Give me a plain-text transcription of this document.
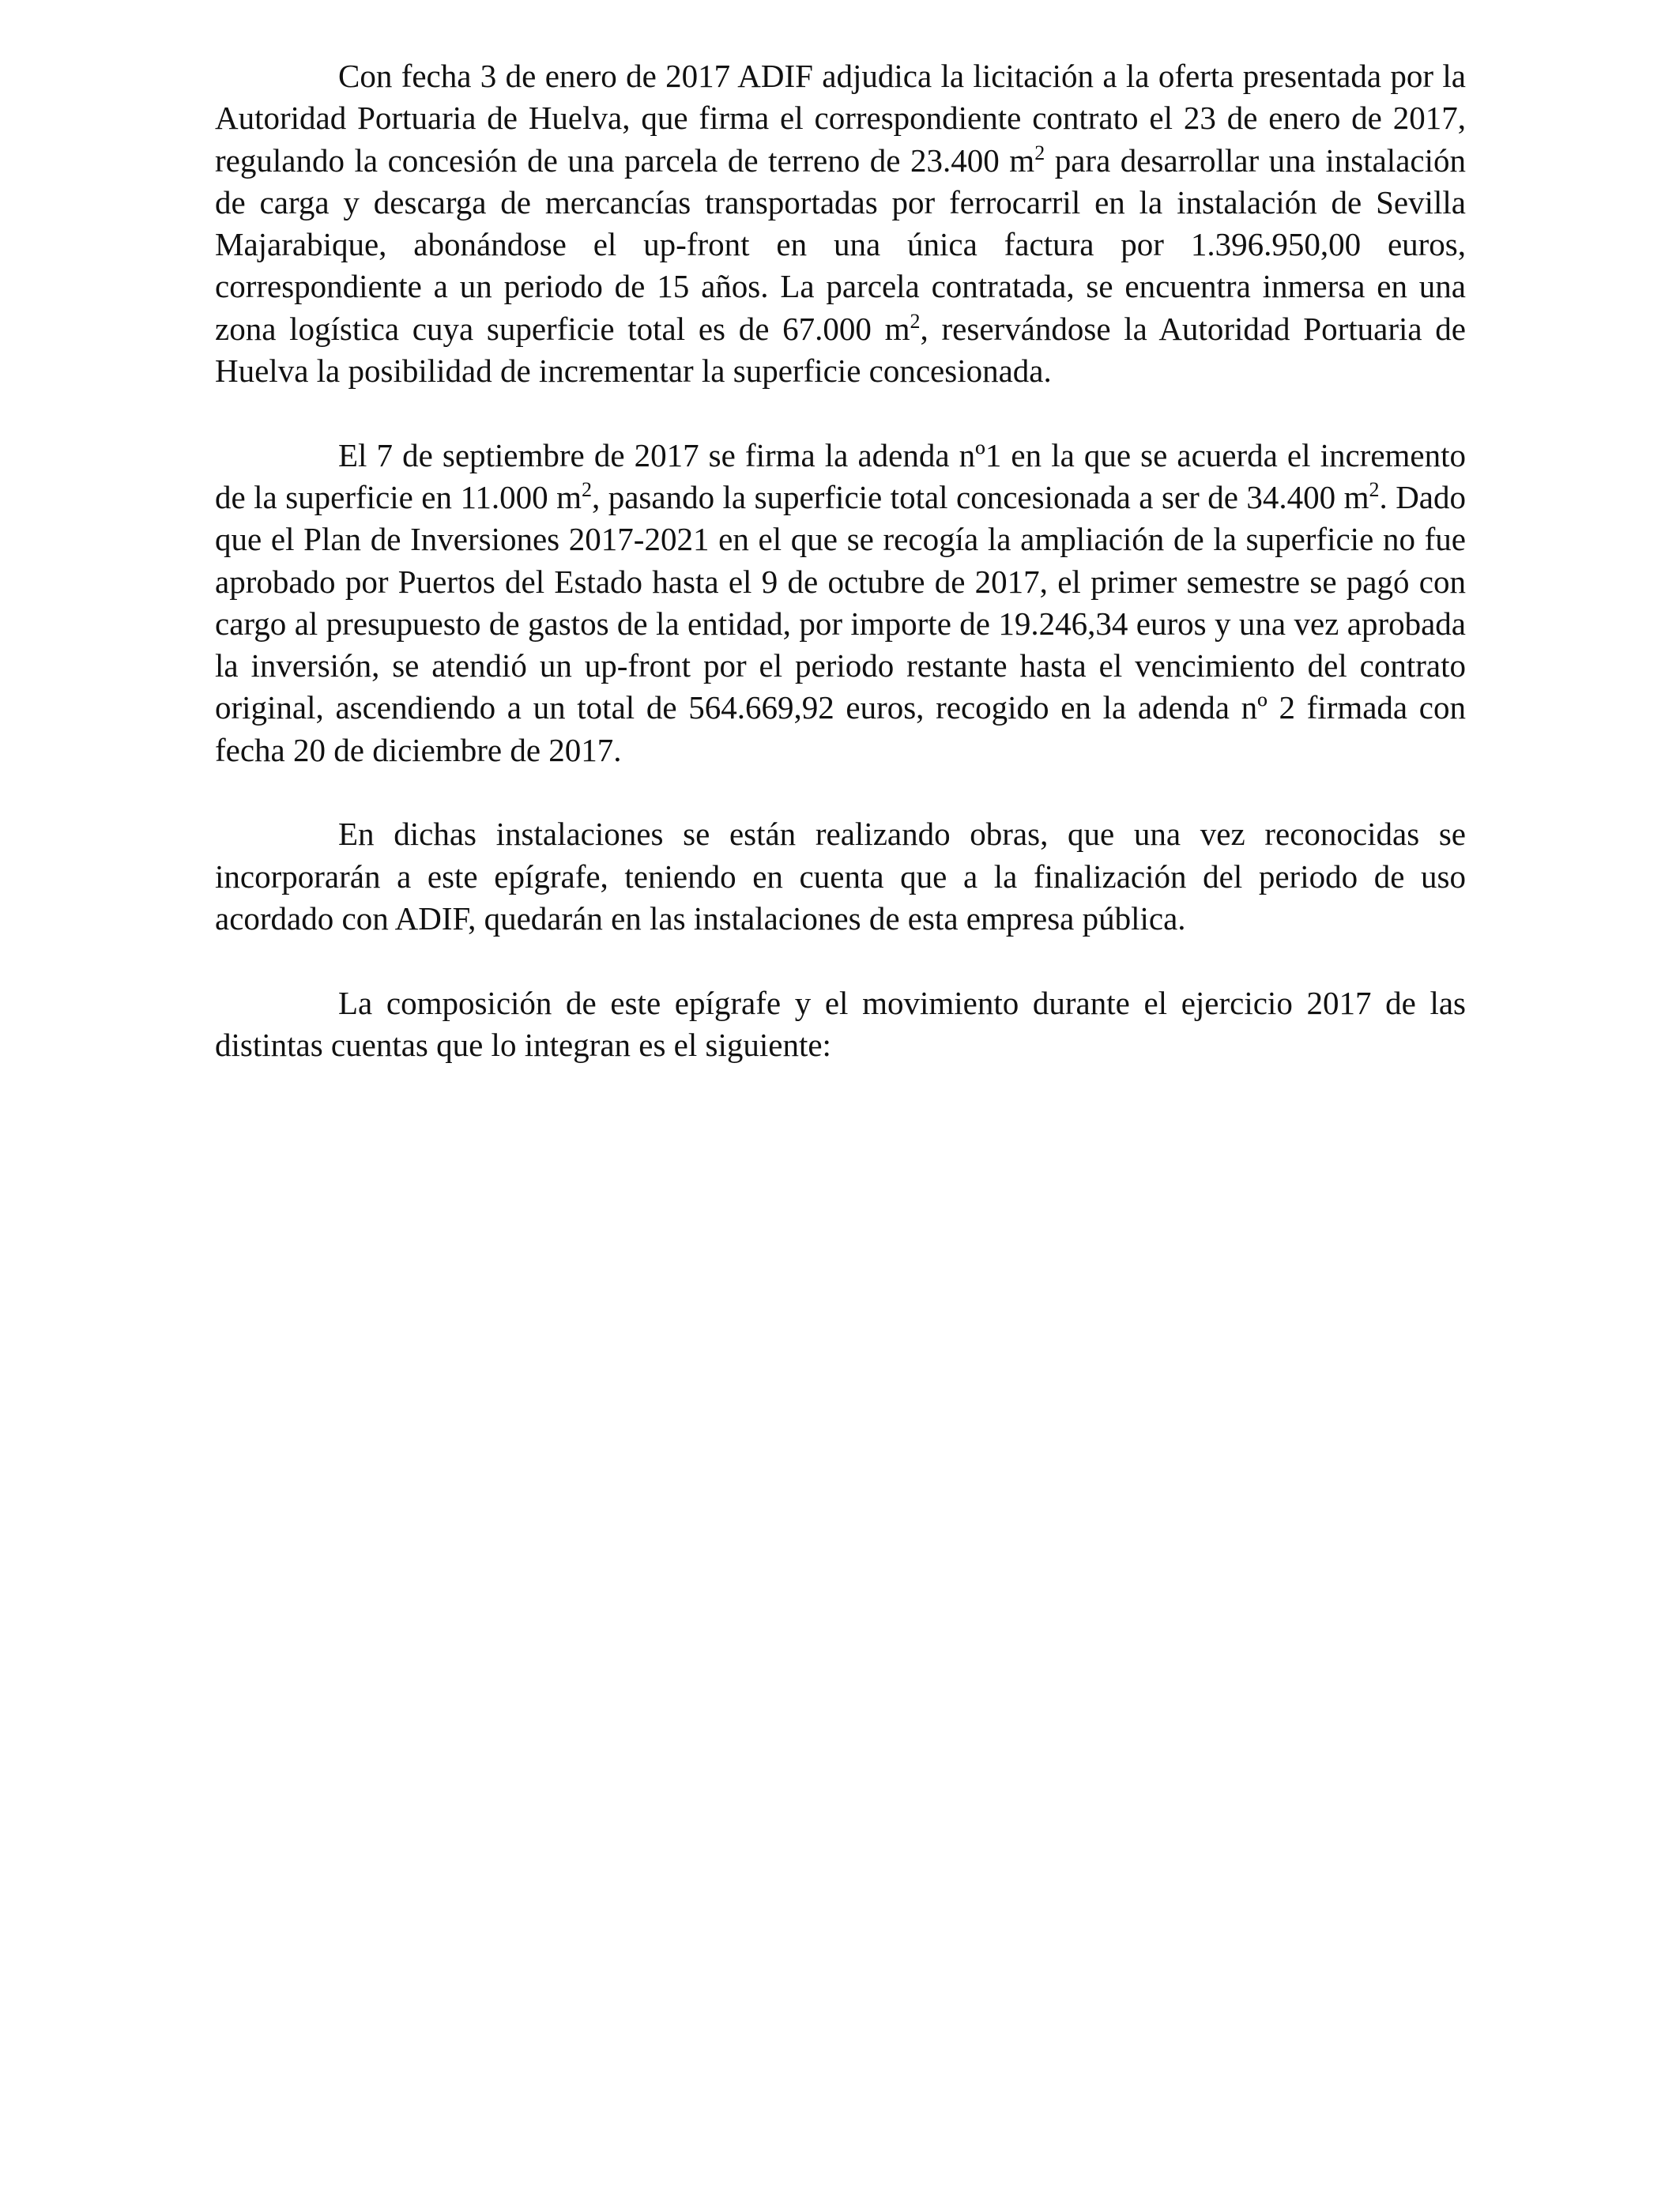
Con fecha 3 de enero de 2017 ADIF adjudica la licitación a la oferta presentada por la Autoridad Portuaria de Huelva, que firma el correspondiente contrato el 23 de enero de 2017, regulando la concesión de una parcela de terreno de 23.400 $m^2$ para desarrollar una instalación de carga y descarga de mercancías transportadas por ferrocarril en la instalación de Sevilla Majarabique, abonándose el up-front en una única factura por 1.396.950,00 euros, correspondiente a un periodo de 15 años. La parcela contratada, se encuentra inmersa en una zona logística cuya superficie total es de 67.000 $m^2$, reservándose la Autoridad Portuaria de Huelva la posibilidad de incrementar la superficie concesionada.

El 7 de septiembre de 2017 se firma la adenda nº1 en la que se acuerda el incremento de la superficie en 11.000 $m^2$, pasando la superficie total concesionada a ser de 34.400 $m^2$. Dado que el Plan de Inversiones 2017-2021 en el que se recogía la ampliación de la superficie no fue aprobado por Puertos del Estado hasta el 9 de octubre de 2017, el primer semestre se pagó con cargo al presupuesto de gastos de la entidad, por importe de 19.246,34 euros y una vez aprobada la inversión, se atendió un up-front por el periodo restante hasta el vencimiento del contrato original, ascendiendo a un total de 564.669,92 euros, recogido en la adenda nº 2 firmada con fecha 20 de diciembre de 2017.

En dichas instalaciones se están realizando obras, que una vez reconocidas se incorporarán a este epígrafe, teniendo en cuenta que a la finalización del periodo de uso acordado con ADIF, quedarán en las instalaciones de esta empresa pública.

La composición de este epígrafe y el movimiento durante el ejercicio 2017 de las distintas cuentas que lo integran es el siguiente:
